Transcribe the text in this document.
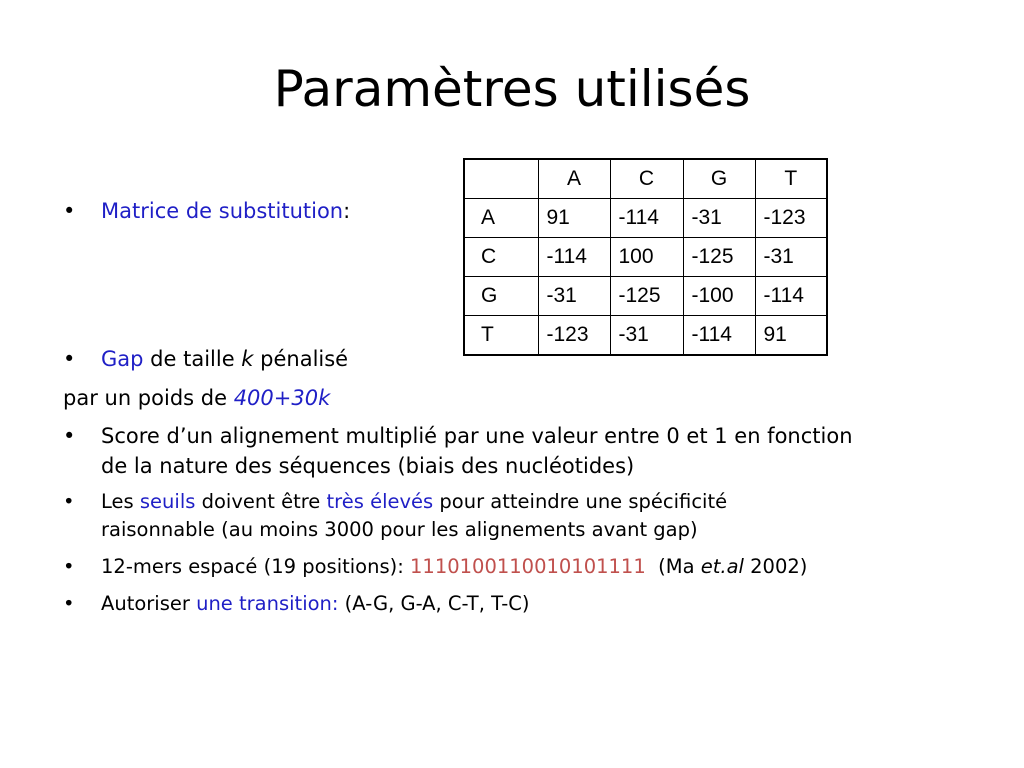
Paramètres utilisés
• Matrice de substitution:
	A	C	G	T
A	91	-114	-31	-123
C	-114	100	-125	-31
G	-31	-125	-100	-114
T	-123	-31	-114	91
• Gap de taille k pénalisé
par un poids de 400+30k
• Score d’un alignement multiplié par une valeur entre 0 et 1 en fonction
de la nature des séquences (biais des nucléotides)
• Les seuils doivent être très élevés pour atteindre une spécificité
raisonnable (au moins 3000 pour les alignements avant gap)
• 12-mers espacé (19 positions): 1110100110010101111  (Ma et.al 2002)
• Autoriser une transition: (A-G, G-A, C-T, T-C)
